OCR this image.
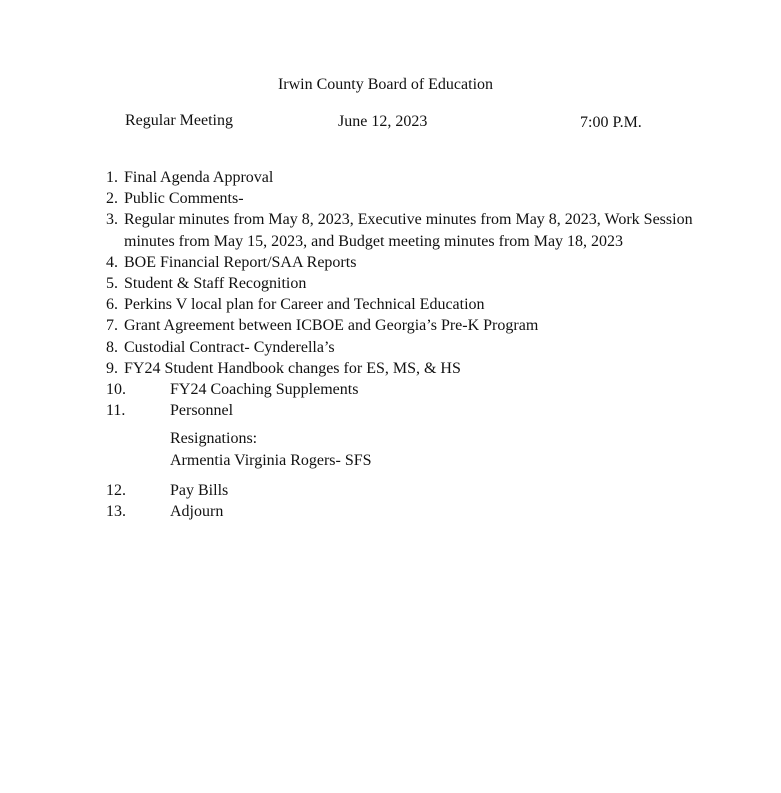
Irwin County Board of Education
Regular Meeting	June 12, 2023	7:00 P.M.
1. Final Agenda Approval
2. Public Comments-
3. Regular minutes from May 8, 2023, Executive minutes from May 8, 2023, Work Session minutes from May 15, 2023, and Budget meeting minutes from May 18, 2023
4. BOE Financial Report/SAA Reports
5. Student & Staff Recognition
6. Perkins V local plan for Career and Technical Education
7. Grant Agreement between ICBOE and Georgia’s Pre-K Program
8. Custodial Contract- Cynderella’s
9. FY24 Student Handbook changes for ES, MS, & HS
10.	FY24 Coaching Supplements
11.	Personnel
Resignations:
Armentia Virginia Rogers- SFS
12.	Pay Bills
13.	Adjourn
